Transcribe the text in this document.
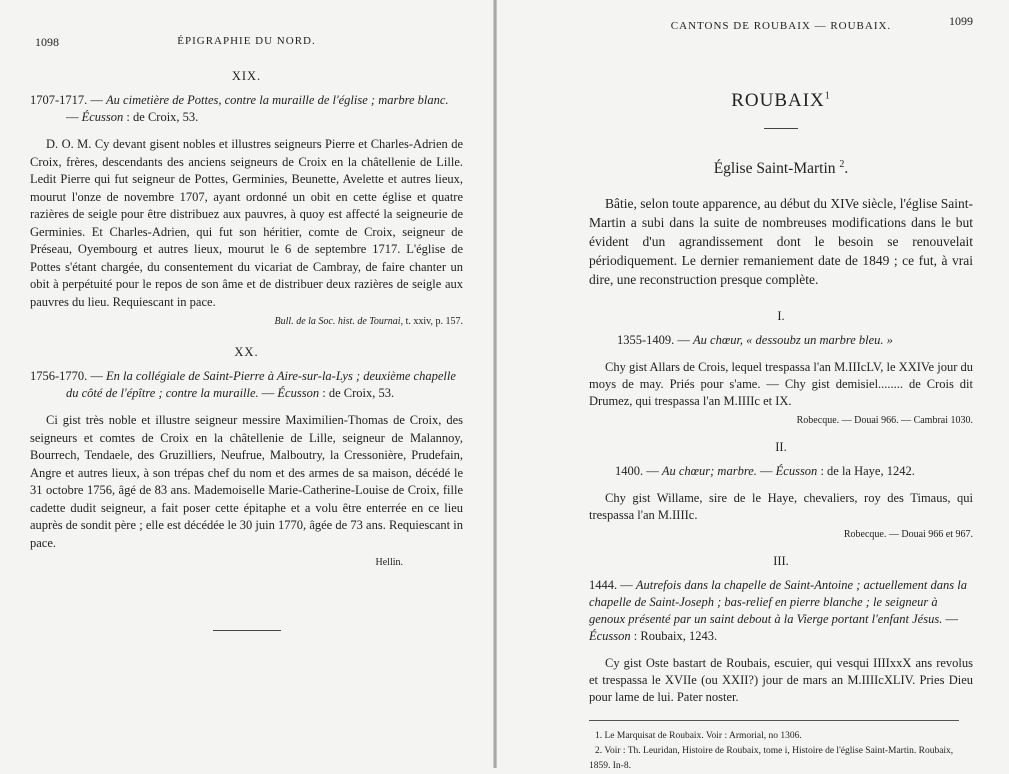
1098	ÉPIGRAPHIE DU NORD.
XIX.

1707-1717. — Au cimetière de Pottes, contre la muraille de l'église ; marbre blanc. — Écusson : de Croix, 53.

D. O. M. Cy devant gisent nobles et illustres seigneurs Pierre et Charles-Adrien de Croix, frères, descendants des anciens seigneurs de Croix en la châtellenie de Lille. Ledit Pierre qui fut seigneur de Pottes, Germinies, Beunette, Avelette et autres lieux, mourut l'onze de novembre 1707, ayant ordonné un obit en cette église et quatre razières de seigle pour être distribuez aux pauvres, à quoy est affecté la seigneurie de Germinies. Et Charles-Adrien, qui fut son héritier, comte de Croix, seigneur de Préseau, Oyembourg et autres lieux, mourut le 6 de septembre 1717. L'église de Pottes s'étant chargée, du consentement du vicariat de Cambray, de faire chanter un obit à perpétuité pour le repos de son âme et de distribuer deux razières de seigle aux pauvres du lieu. Requiescant in pace.

Bull. de la Soc. hist. de Tournai, t. xxiv, p. 157.

XX.

1756-1770. — En la collégiale de Saint-Pierre à Aire-sur-la-Lys ; deuxième chapelle du côté de l'épître ; contre la muraille. — Écusson : de Croix, 53.

Ci gist très noble et illustre seigneur messire Maximilien-Thomas de Croix, des seigneurs et comtes de Croix en la châtellenie de Lille, seigneur de Malannoy, Bourrech, Tendaele, des Gruzilliers, Neufrue, Malboutry, la Cressonière, Prudefain, Angre et autres lieux, à son trépas chef du nom et des armes de sa maison, décédé le 31 octobre 1756, âgé de 83 ans. Mademoiselle Marie-Catherine-Louise de Croix, fille cadette dudit seigneur, a fait poser cette épitaphe et a volu être enterrée en ce lieu auprès de sondit père ; elle est décédée le 30 juin 1770, âgée de 73 ans. Requiescant in pace.

Hellin.

CANTONS DE ROUBAIX — ROUBAIX.	1099
ROUBAIX$^1$
Église Saint-Martin $^2$.

Bâtie, selon toute apparence, au début du XIVe siècle, l'église Saint-Martin a subi dans la suite de nombreuses modifications dans le but évident d'un agrandissement dont le besoin se renouvelait périodiquement. Le dernier remaniement date de 1849 ; ce fut, à vrai dire, une reconstruction presque complète.

I.

1355-1409. — Au chœur, « dessoubz un marbre bleu. »

Chy gist Allars de Crois, lequel trespassa l'an M.IIIcLV, le XXIVe jour du moys de may. Priés pour s'ame. — Chy gist demisiel........ de Crois dit Drumez, qui trespassa l'an M.IIIIc et IX.

Robecque. — Douai 966. — Cambrai 1030.

II.

1400. — Au chœur; marbre. — Écusson : de la Haye, 1242.

Chy gist Willame, sire de le Haye, chevaliers, roy des Timaus, qui trespassa l'an M.IIIIc.

Robecque. — Douai 966 et 967.

III.

1444. — Autrefois dans la chapelle de Saint-Antoine ; actuellement dans la chapelle de Saint-Joseph ; bas-relief en pierre blanche ; le seigneur à genoux présenté par un saint debout à la Vierge portant l'enfant Jésus. — Écusson : Roubaix, 1243.

Cy gist Oste bastart de Roubais, escuier, qui vesqui IIIIxxX ans revolus et trespassa le XVIIe (ou XXII?) jour de mars an M.IIIIcXLIV. Pries Dieu pour lame de lui. Pater noster.

1. Le Marquisat de Roubaix. Voir : Armorial, no 1306.

2. Voir : Th. Leuridan, Histoire de Roubaix, tome i, Histoire de l'église Saint-Martin. Roubaix, 1859. In-8.
